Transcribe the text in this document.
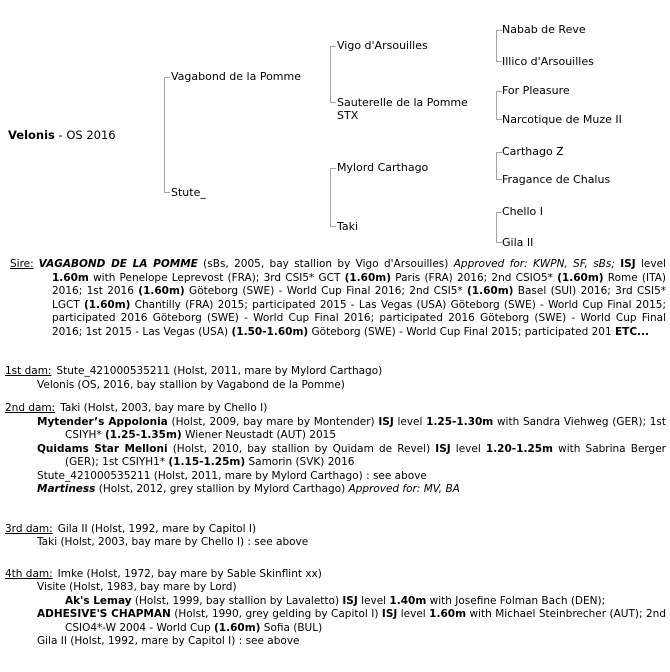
Velonis - OS 2016
Vagabond de la Pomme
Stute_
Vigo d'Arsouilles
Sauterelle de la Pomme STX
Mylord Carthago
Taki
Nabab de Reve
Illico d'Arsouilles
For Pleasure
Narcotique de Muze II
Carthago Z
Fragance de Chalus
Chello I
Gila II
Sire: VAGABOND DE LA POMME (sBs, 2005, bay stallion by Vigo d'Arsouilles) Approved for: KWPN, SF, sBs; ISJ level 1.60m with Penelope Leprevost (FRA); 3rd CSI5* GCT (1.60m) Paris (FRA) 2016; 2nd CSIO5* (1.60m) Rome (ITA) 2016; 1st 2016 (1.60m) Göteborg (SWE) - World Cup Final 2016; 2nd CSI5* (1.60m) Basel (SUI) 2016; 3rd CSI5* LGCT (1.60m) Chantilly (FRA) 2015; participated 2015 - Las Vegas (USA) Göteborg (SWE) - World Cup Final 2015; participated 2016 Göteborg (SWE) - World Cup Final 2016; participated 2016 Göteborg (SWE) - World Cup Final 2016; 1st 2015 - Las Vegas (USA) (1.50-1.60m) Göteborg (SWE) - World Cup Final 2015; participated 201 ETC...
1st dam: Stute_421000535211 (Holst, 2011, mare by Mylord Carthago)
Velonis (OS, 2016, bay stallion by Vagabond de la Pomme)
2nd dam: Taki (Holst, 2003, bay mare by Chello I)
Mytender’s Appolonia (Holst, 2009, bay mare by Montender) ISJ level 1.25-1.30m with Sandra Viehweg (GER); 1st CSIYH* (1.25-1.35m) Wiener Neustadt (AUT) 2015
Quidams Star Melloni (Holst, 2010, bay stallion by Quidam de Revel) ISJ level 1.20-1.25m with Sabrina Berger (GER); 1st CSIYH1* (1.15-1.25m) Samorin (SVK) 2016
Stute_421000535211 (Holst, 2011, mare by Mylord Carthago) : see above
Martiness (Holst, 2012, grey stallion by Mylord Carthago) Approved for: MV, BA
3rd dam: Gila II (Holst, 1992, mare by Capitol I)
Taki (Holst, 2003, bay mare by Chello I) : see above
4th dam: Imke (Holst, 1972, bay mare by Sable Skinflint xx)
Visite (Holst, 1983, bay mare by Lord)
Ak's Lemay (Holst, 1999, bay stallion by Lavaletto) ISJ level 1.40m with Josefine Folman Bach (DEN);
ADHESIVE'S CHAPMAN (Holst, 1990, grey gelding by Capitol I) ISJ level 1.60m with Michael Steinbrecher (AUT); 2nd CSIO4*-W 2004 - World Cup (1.60m) Sofia (BUL)
Gila II (Holst, 1992, mare by Capitol I) : see above
